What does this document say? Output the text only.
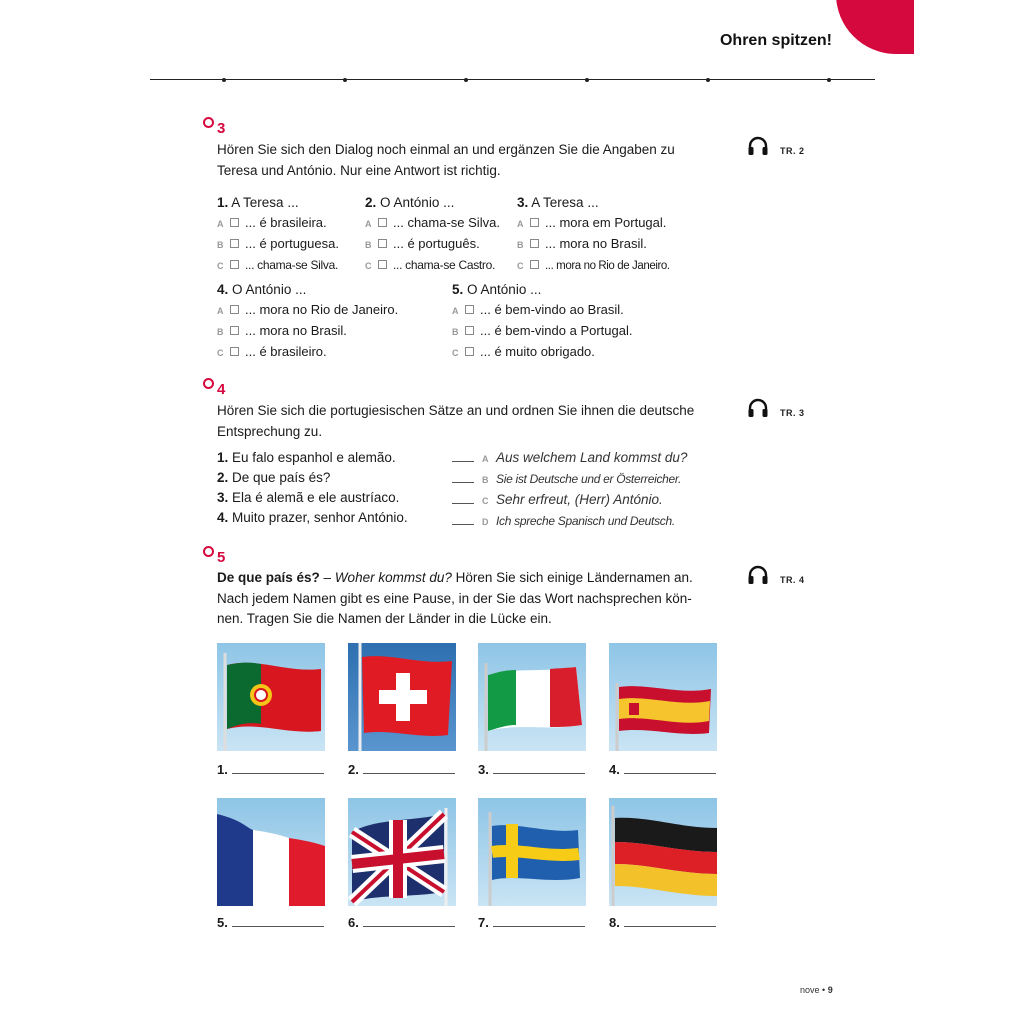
Ohren spitzen!
3
Hören Sie sich den Dialog noch einmal an und ergänzen Sie die Angaben zu Teresa und António. Nur eine Antwort ist richtig.
TR. 2
1. A Teresa ...
A ... é brasileira.
B ... é portuguesa.
C ... chama-se Silva.
2. O António ...
A ... chama-se Silva.
B ... é português.
C ... chama-se Castro.
3. A Teresa ...
A ... mora em Portugal.
B ... mora no Brasil.
C ... mora no Rio de Janeiro.
4. O António ...
A ... mora no Rio de Janeiro.
B ... mora no Brasil.
C ... é brasileiro.
5. O António ...
A ... é bem-vindo ao Brasil.
B ... é bem-vindo a Portugal.
C ... é muito obrigado.
4
Hören Sie sich die portugiesischen Sätze an und ordnen Sie ihnen die deutsche Entsprechung zu.
TR. 3
1. Eu falo espanhol e alemão.
2. De que país és?
3. Ela é alemã e ele austríaco.
4. Muito prazer, senhor António.
A Aus welchem Land kommst du?
B Sie ist Deutsche und er Österreicher.
C Sehr erfreut, (Herr) António.
D Ich spreche Spanisch und Deutsch.
5
De que país és? – Woher kommst du? Hören Sie sich einige Ländernamen an. Nach jedem Namen gibt es eine Pause, in der Sie das Wort nachsprechen kön-nen. Tragen Sie die Namen der Länder in die Lücke ein.
TR. 4
1.	2.	3.	4.
5.	6.	7.	8.
nove • 9
